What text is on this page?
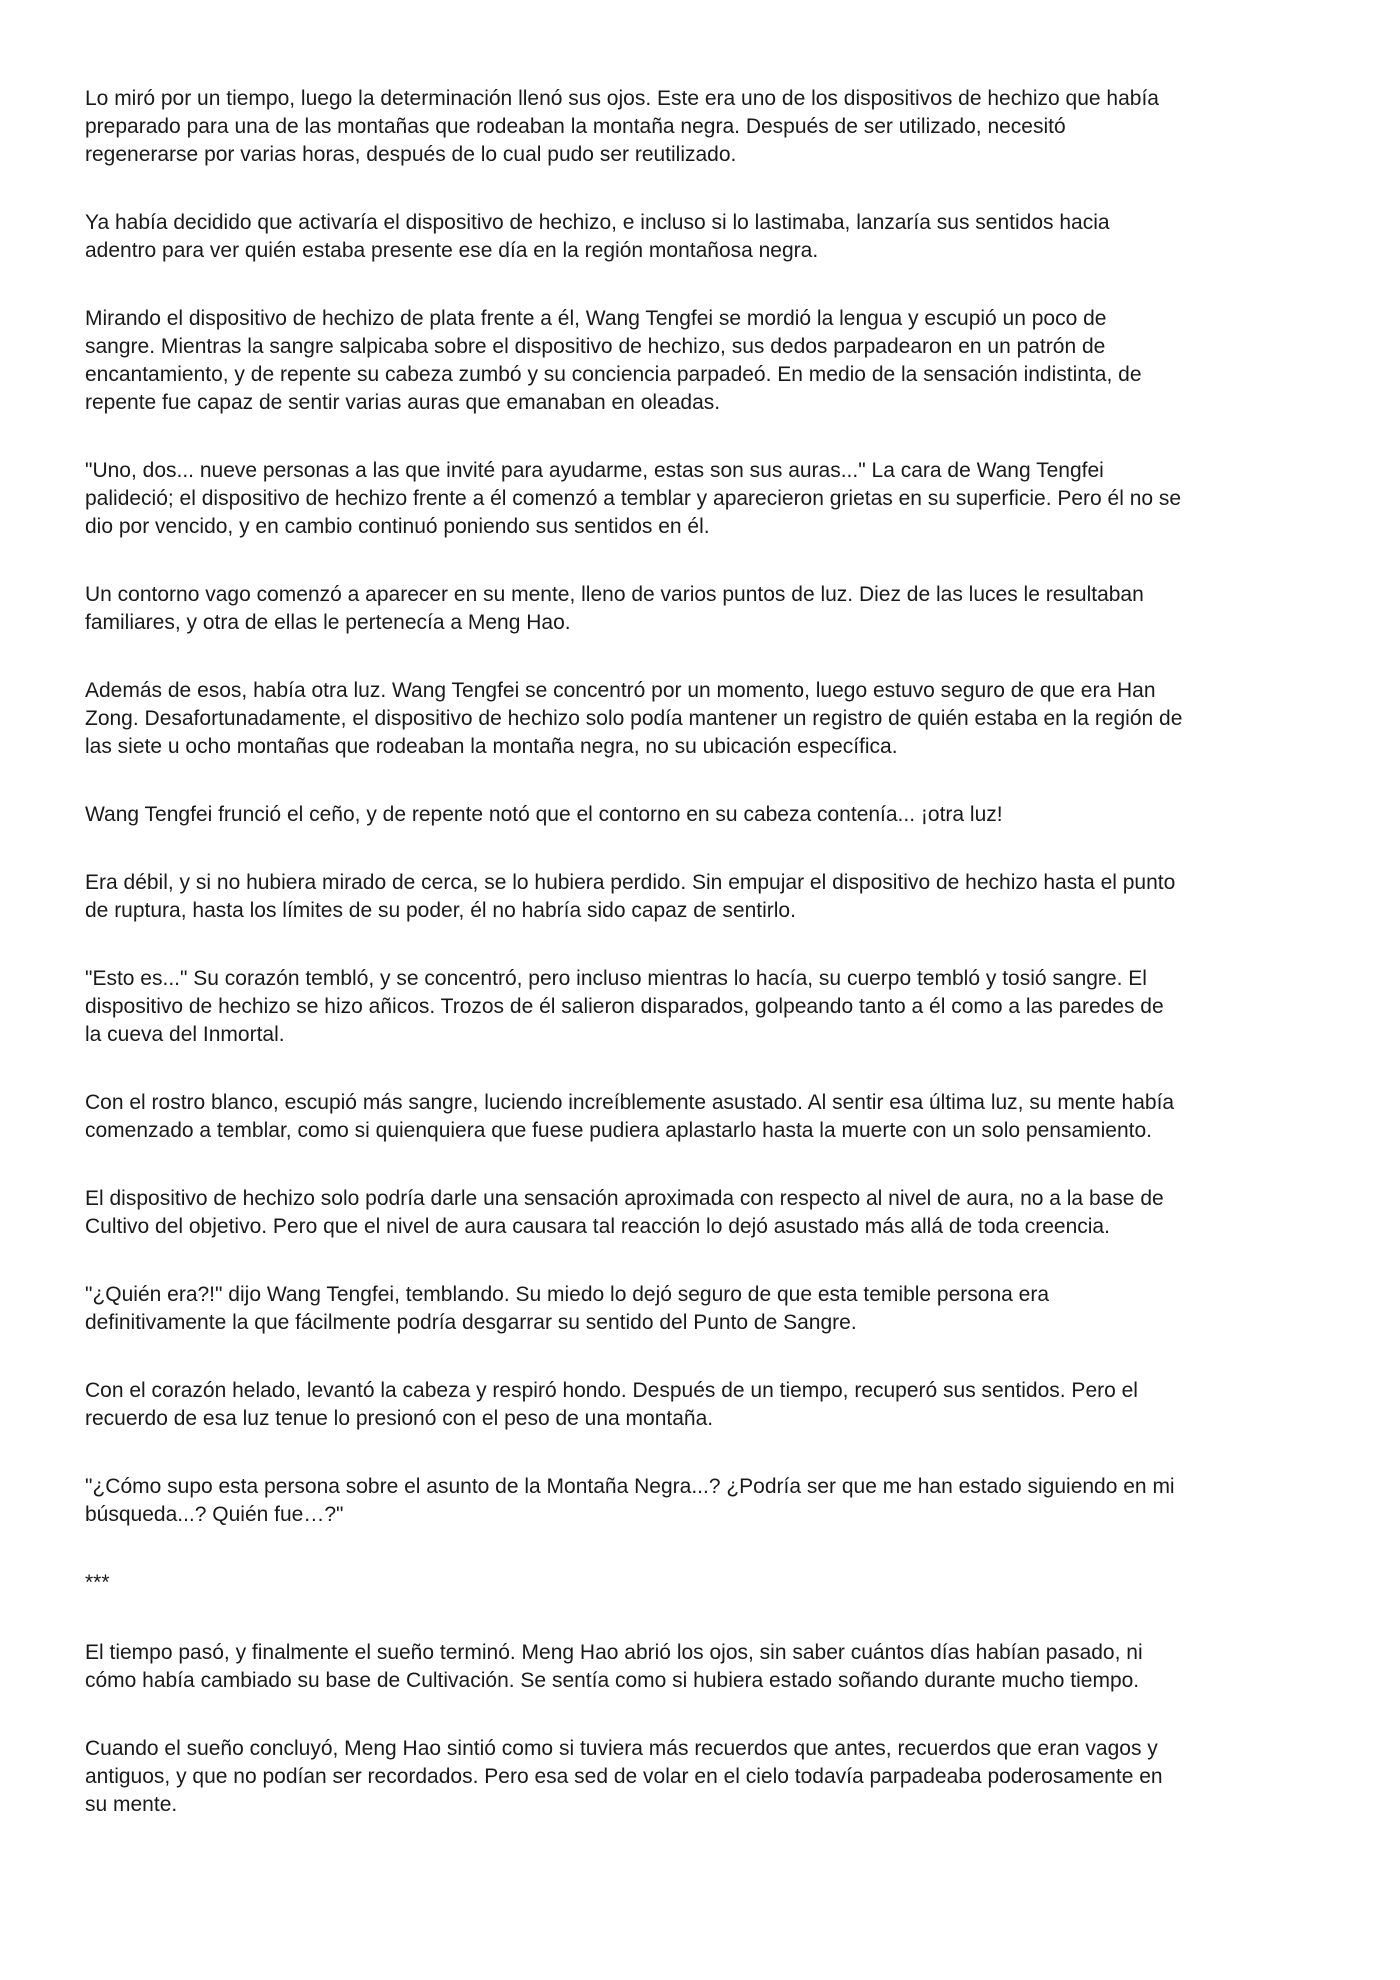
Lo miró por un tiempo, luego la determinación llenó sus ojos. Este era uno de los dispositivos de hechizo que había
preparado para una de las montañas que rodeaban la montaña negra. Después de ser utilizado, necesitó
regenerarse por varias horas, después de lo cual pudo ser reutilizado.

Ya había decidido que activaría el dispositivo de hechizo, e incluso si lo lastimaba, lanzaría sus sentidos hacia
adentro para ver quién estaba presente ese día en la región montañosa negra.

Mirando el dispositivo de hechizo de plata frente a él, Wang Tengfei se mordió la lengua y escupió un poco de
sangre. Mientras la sangre salpicaba sobre el dispositivo de hechizo, sus dedos parpadearon en un patrón de
encantamiento, y de repente su cabeza zumbó y su conciencia parpadeó. En medio de la sensación indistinta, de
repente fue capaz de sentir varias auras que emanaban en oleadas.

"Uno, dos... nueve personas a las que invité para ayudarme, estas son sus auras..." La cara de Wang Tengfei
palideció; el dispositivo de hechizo frente a él comenzó a temblar y aparecieron grietas en su superficie. Pero él no se
dio por vencido, y en cambio continuó poniendo sus sentidos en él.

Un contorno vago comenzó a aparecer en su mente, lleno de varios puntos de luz. Diez de las luces le resultaban
familiares, y otra de ellas le pertenecía a Meng Hao.

Además de esos, había otra luz. Wang Tengfei se concentró por un momento, luego estuvo seguro de que era Han
Zong. Desafortunadamente, el dispositivo de hechizo solo podía mantener un registro de quién estaba en la región de
las siete u ocho montañas que rodeaban la montaña negra, no su ubicación específica.

Wang Tengfei frunció el ceño, y de repente notó que el contorno en su cabeza contenía... ¡otra luz!

Era débil, y si no hubiera mirado de cerca, se lo hubiera perdido. Sin empujar el dispositivo de hechizo hasta el punto
de ruptura, hasta los límites de su poder, él no habría sido capaz de sentirlo.

"Esto es..." Su corazón tembló, y se concentró, pero incluso mientras lo hacía, su cuerpo tembló y tosió sangre. El
dispositivo de hechizo se hizo añicos. Trozos de él salieron disparados, golpeando tanto a él como a las paredes de
la cueva del Inmortal.

Con el rostro blanco, escupió más sangre, luciendo increíblemente asustado. Al sentir esa última luz, su mente había
comenzado a temblar, como si quienquiera que fuese pudiera aplastarlo hasta la muerte con un solo pensamiento.

El dispositivo de hechizo solo podría darle una sensación aproximada con respecto al nivel de aura, no a la base de
Cultivo del objetivo. Pero que el nivel de aura causara tal reacción lo dejó asustado más allá de toda creencia.

"¿Quién era?!" dijo Wang Tengfei, temblando. Su miedo lo dejó seguro de que esta temible persona era
definitivamente la que fácilmente podría desgarrar su sentido del Punto de Sangre.

Con el corazón helado, levantó la cabeza y respiró hondo. Después de un tiempo, recuperó sus sentidos. Pero el
recuerdo de esa luz tenue lo presionó con el peso de una montaña.

"¿Cómo supo esta persona sobre el asunto de la Montaña Negra...? ¿Podría ser que me han estado siguiendo en mi
búsqueda...? Quién fue…?"

***

El tiempo pasó, y finalmente el sueño terminó. Meng Hao abrió los ojos, sin saber cuántos días habían pasado, ni
cómo había cambiado su base de Cultivación. Se sentía como si hubiera estado soñando durante mucho tiempo.

Cuando el sueño concluyó, Meng Hao sintió como si tuviera más recuerdos que antes, recuerdos que eran vagos y
antiguos, y que no podían ser recordados. Pero esa sed de volar en el cielo todavía parpadeaba poderosamente en
su mente.
